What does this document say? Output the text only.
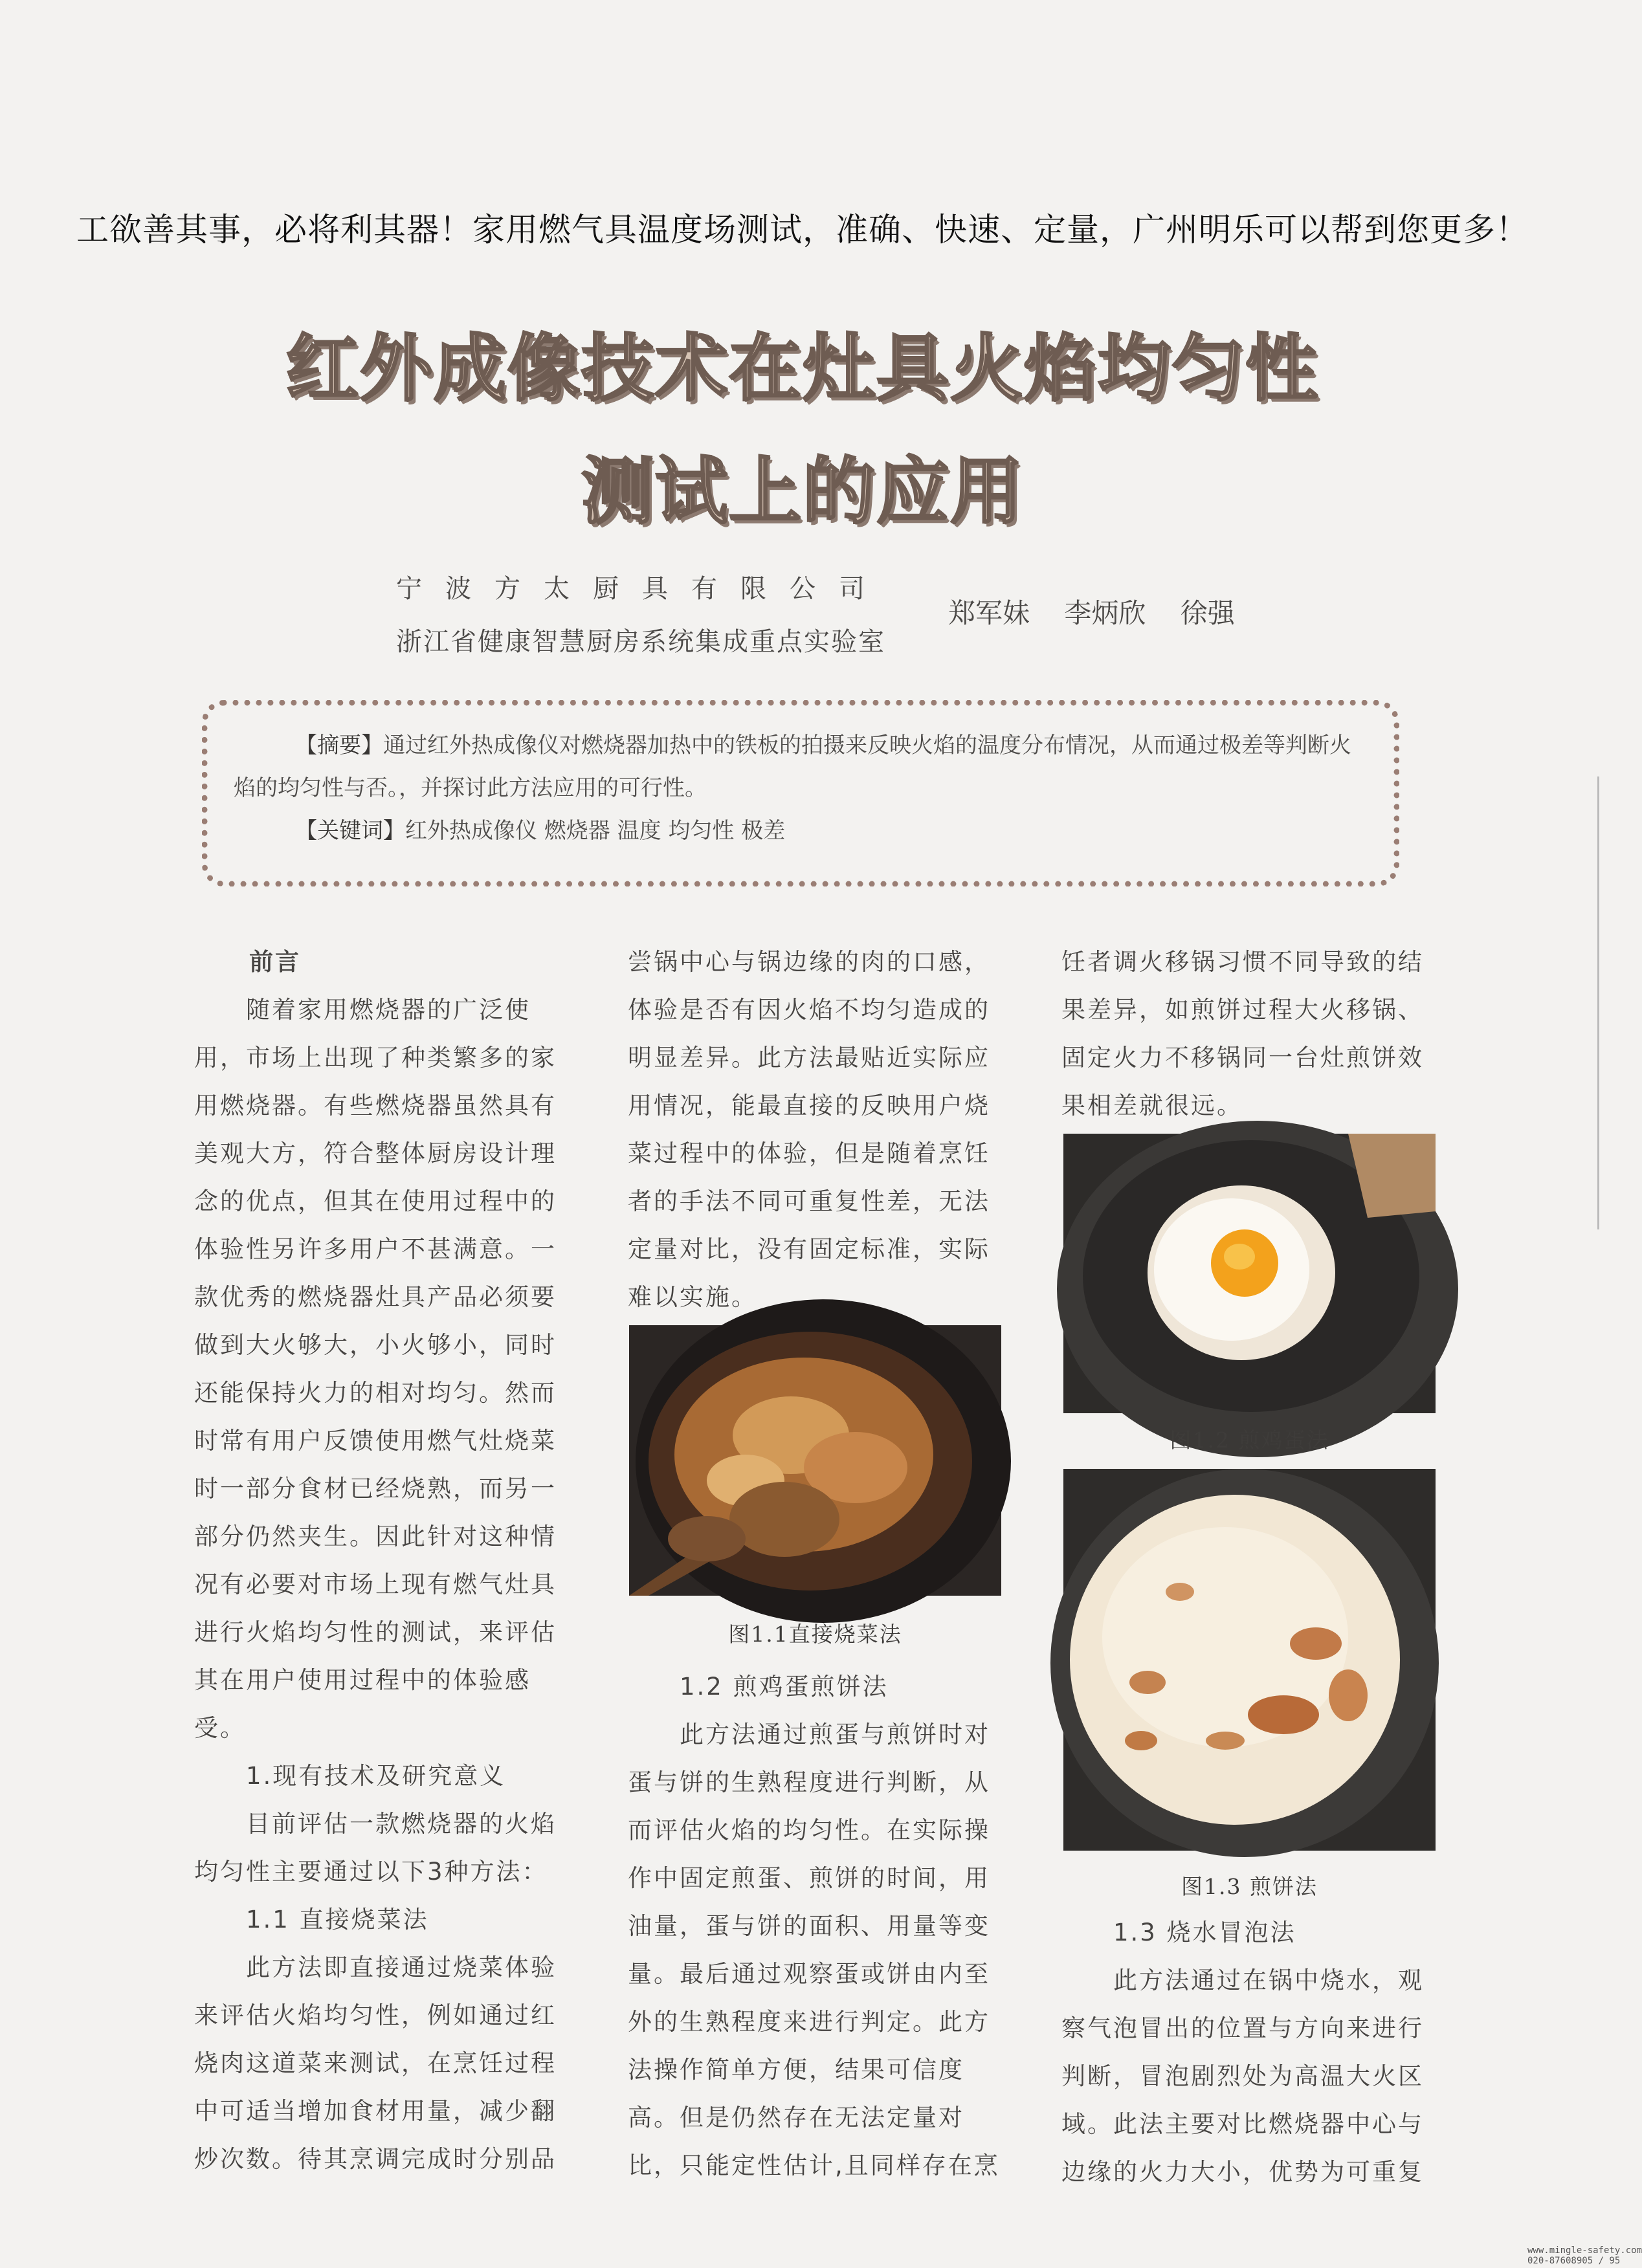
工欲善其事，必将利其器！家用燃气具温度场测试，准确、快速、定量，广州明乐可以帮到您更多！
红外成像技术在灶具火焰均匀性
测试上的应用
宁波方太厨具有限公司
浙江省健康智慧厨房系统集成重点实验室
郑军妹 李炳欣 徐强

【摘要】通过红外热成像仪对燃烧器加热中的铁板的拍摄来反映火焰的温度分布情况，从而通过极差等判断火焰的均匀性与否。，并探讨此方法应用的可行性。

【关键词】红外热成像仪 燃烧器 温度 均匀性 极差

前言

随着家用燃烧器的广泛使用，市场上出现了种类繁多的家用燃烧器。有些燃烧器虽然具有美观大方，符合整体厨房设计理念的优点，但其在使用过程中的体验性另许多用户不甚满意。一款优秀的燃烧器灶具产品必须要做到大火够大，小火够小，同时还能保持火力的相对均匀。然而时常有用户反馈使用燃气灶烧菜时一部分食材已经烧熟，而另一部分仍然夹生。因此针对这种情况有必要对市场上现有燃气灶具进行火焰均匀性的测试，来评估其在用户使用过程中的体验感受。

1.现有技术及研究意义

目前评估一款燃烧器的火焰均匀性主要通过以下3种方法：

1.1 直接烧菜法

此方法即直接通过烧菜体验来评估火焰均匀性，例如通过红烧肉这道菜来测试，在烹饪过程中可适当增加食材用量，减少翻炒次数。待其烹调完成时分别品

尝锅中心与锅边缘的肉的口感，体验是否有因火焰不均匀造成的明显差异。此方法最贴近实际应用情况，能最直接的反映用户烧菜过程中的体验，但是随着烹饪者的手法不同可重复性差，无法定量对比，没有固定标准，实际难以实施。

图1.1直接烧菜法

1.2 煎鸡蛋煎饼法

此方法通过煎蛋与煎饼时对蛋与饼的生熟程度进行判断，从而评估火焰的均匀性。在实际操作中固定煎蛋、煎饼的时间，用油量，蛋与饼的面积、用量等变量。最后通过观察蛋或饼由内至外的生熟程度来进行判定。此方法操作简单方便，结果可信度高。但是仍然存在无法定量对比，只能定性估计,且同样存在烹

饪者调火移锅习惯不同导致的结果差异，如煎饼过程大火移锅、固定火力不移锅同一台灶煎饼效果相差就很远。

图1.2 煎鸡蛋法
图1.3 煎饼法

1.3 烧水冒泡法

此方法通过在锅中烧水，观察气泡冒出的位置与方向来进行判断，冒泡剧烈处为高温大火区域。此法主要对比燃烧器中心与边缘的火力大小，优势为可重复

www.mingle-safety.com
020-87608905 / 95
